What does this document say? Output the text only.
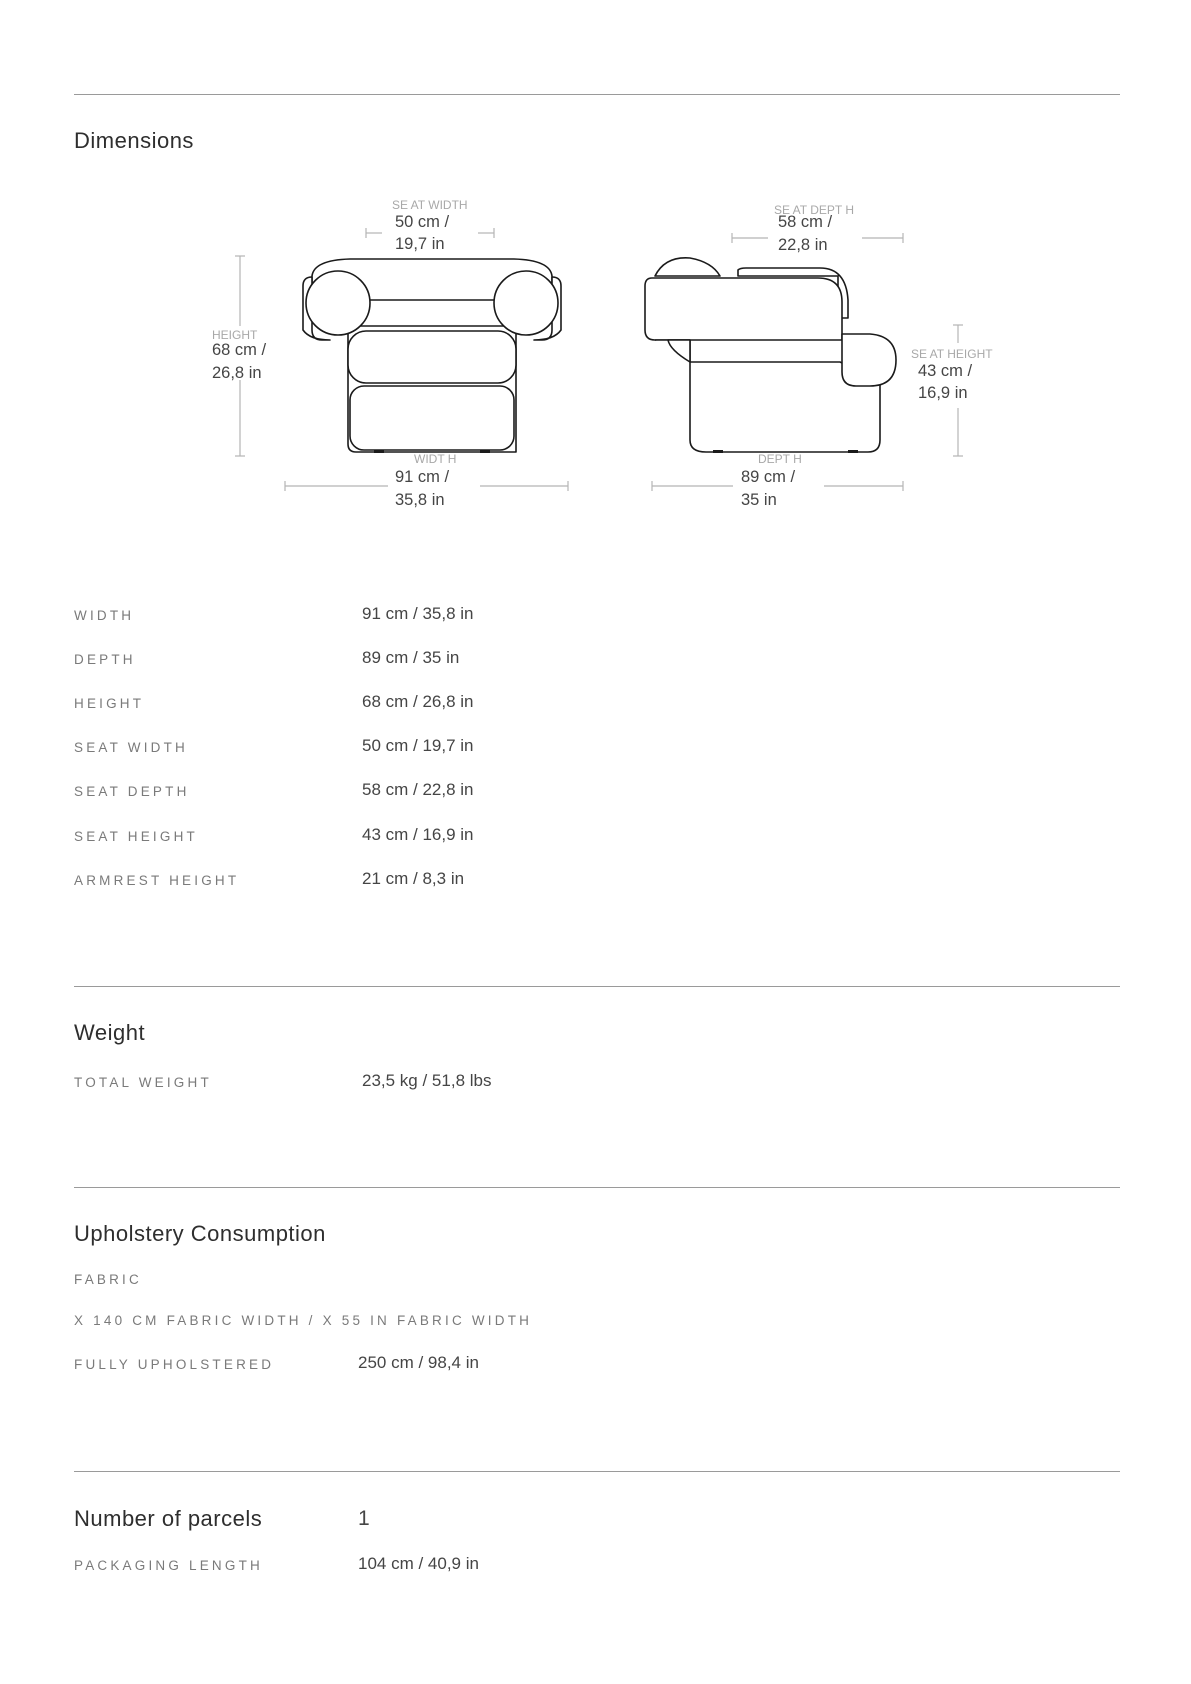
Dimensions
SE AT WIDTH
50 cm /
19,7 in
HEIGHT
68 cm /
26,8 in
WIDT H
91 cm /
35,8 in
SE AT DEPT H
58 cm /
22,8 in
SE AT HEIGHT
43 cm /
16,9 in
DEPT H
89 cm /
35 in
WIDTH	91 cm / 35,8 in
DEPTH	89 cm / 35 in
HEIGHT	68 cm / 26,8 in
SEAT WIDTH	50 cm / 19,7 in
SEAT DEPTH	58 cm / 22,8 in
SEAT HEIGHT	43 cm / 16,9 in
ARMREST HEIGHT	21 cm / 8,3 in
Weight
TOTAL WEIGHT	23,5 kg / 51,8 lbs
Upholstery Consumption
FABRIC
X 140 CM FABRIC WIDTH / X 55 IN FABRIC WIDTH
FULLY UPHOLSTERED	250 cm / 98,4 in
Number of parcels	1
PACKAGING LENGTH	104 cm / 40,9 in
